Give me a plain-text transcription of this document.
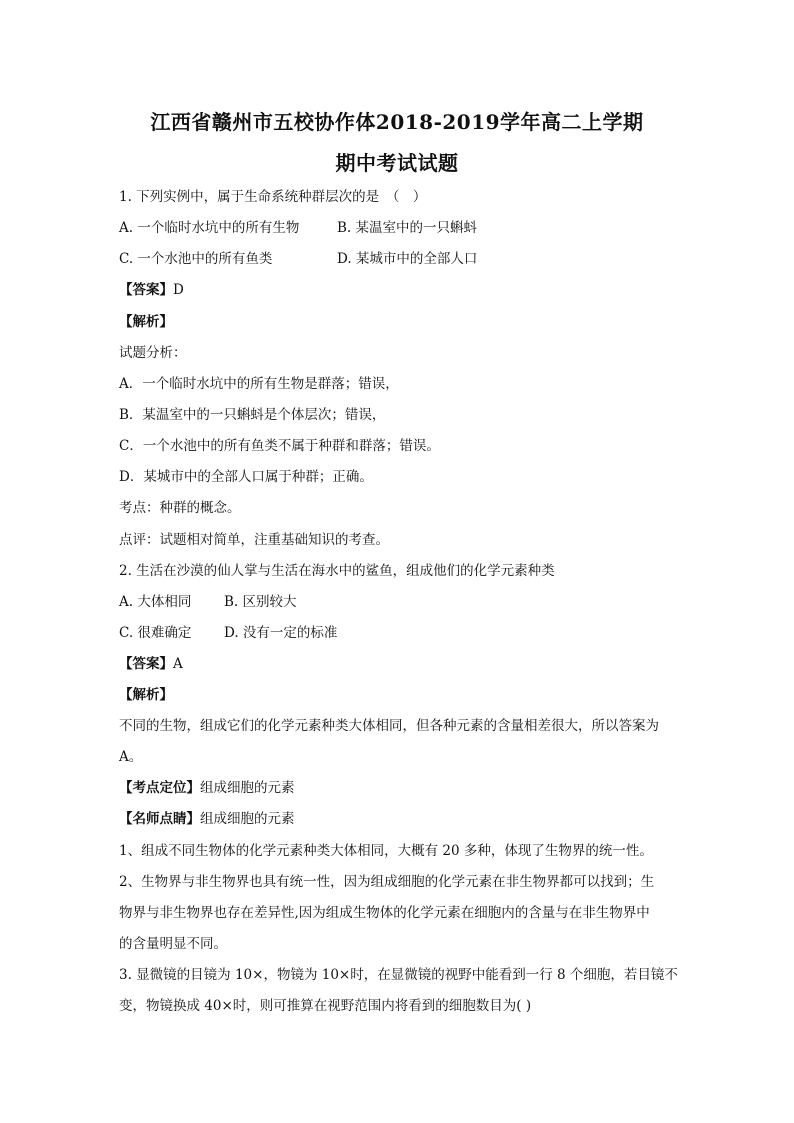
江西省赣州市五校协作体2018-2019学年高二上学期
期中考试试题
1. 下列实例中，属于生命系统种群层次的是　（　）
A. 一个临时水坑中的所有生物	B. 某温室中的一只蝌蚪
C. 一个水池中的所有鱼类	D. 某城市中的全部人口
【答案】D
【解析】
试题分析：
A．一个临时水坑中的所有生物是群落；错误，
B．某温室中的一只蝌蚪是个体层次；错误，
C．一个水池中的所有鱼类不属于种群和群落；错误。
D．某城市中的全部人口属于种群；正确。
考点：种群的概念。
点评：试题相对简单，注重基础知识的考查。
2. 生活在沙漠的仙人掌与生活在海水中的鲨鱼，组成他们的化学元素种类
A. 大体相同 B. 区别较大
C. 很难确定 D. 没有一定的标准
【答案】A
【解析】
不同的生物，组成它们的化学元素种类大体相同，但各种元素的含量相差很大，所以答案为
A。
【考点定位】组成细胞的元素
【名师点睛】组成细胞的元素
1、组成不同生物体的化学元素种类大体相同，大概有 20 多种，体现了生物界的统一性。
2、生物界与非生物界也具有统一性，因为组成细胞的化学元素在非生物界都可以找到；生
物界与非生物界也存在差异性,因为组成生物体的化学元素在细胞内的含量与在非生物界中
的含量明显不同。
3. 显微镜的目镜为 10×，物镜为 10×时，在显微镜的视野中能看到一行 8 个细胞，若目镜不
变，物镜换成 40×时，则可推算在视野范围内将看到的细胞数目为( )
